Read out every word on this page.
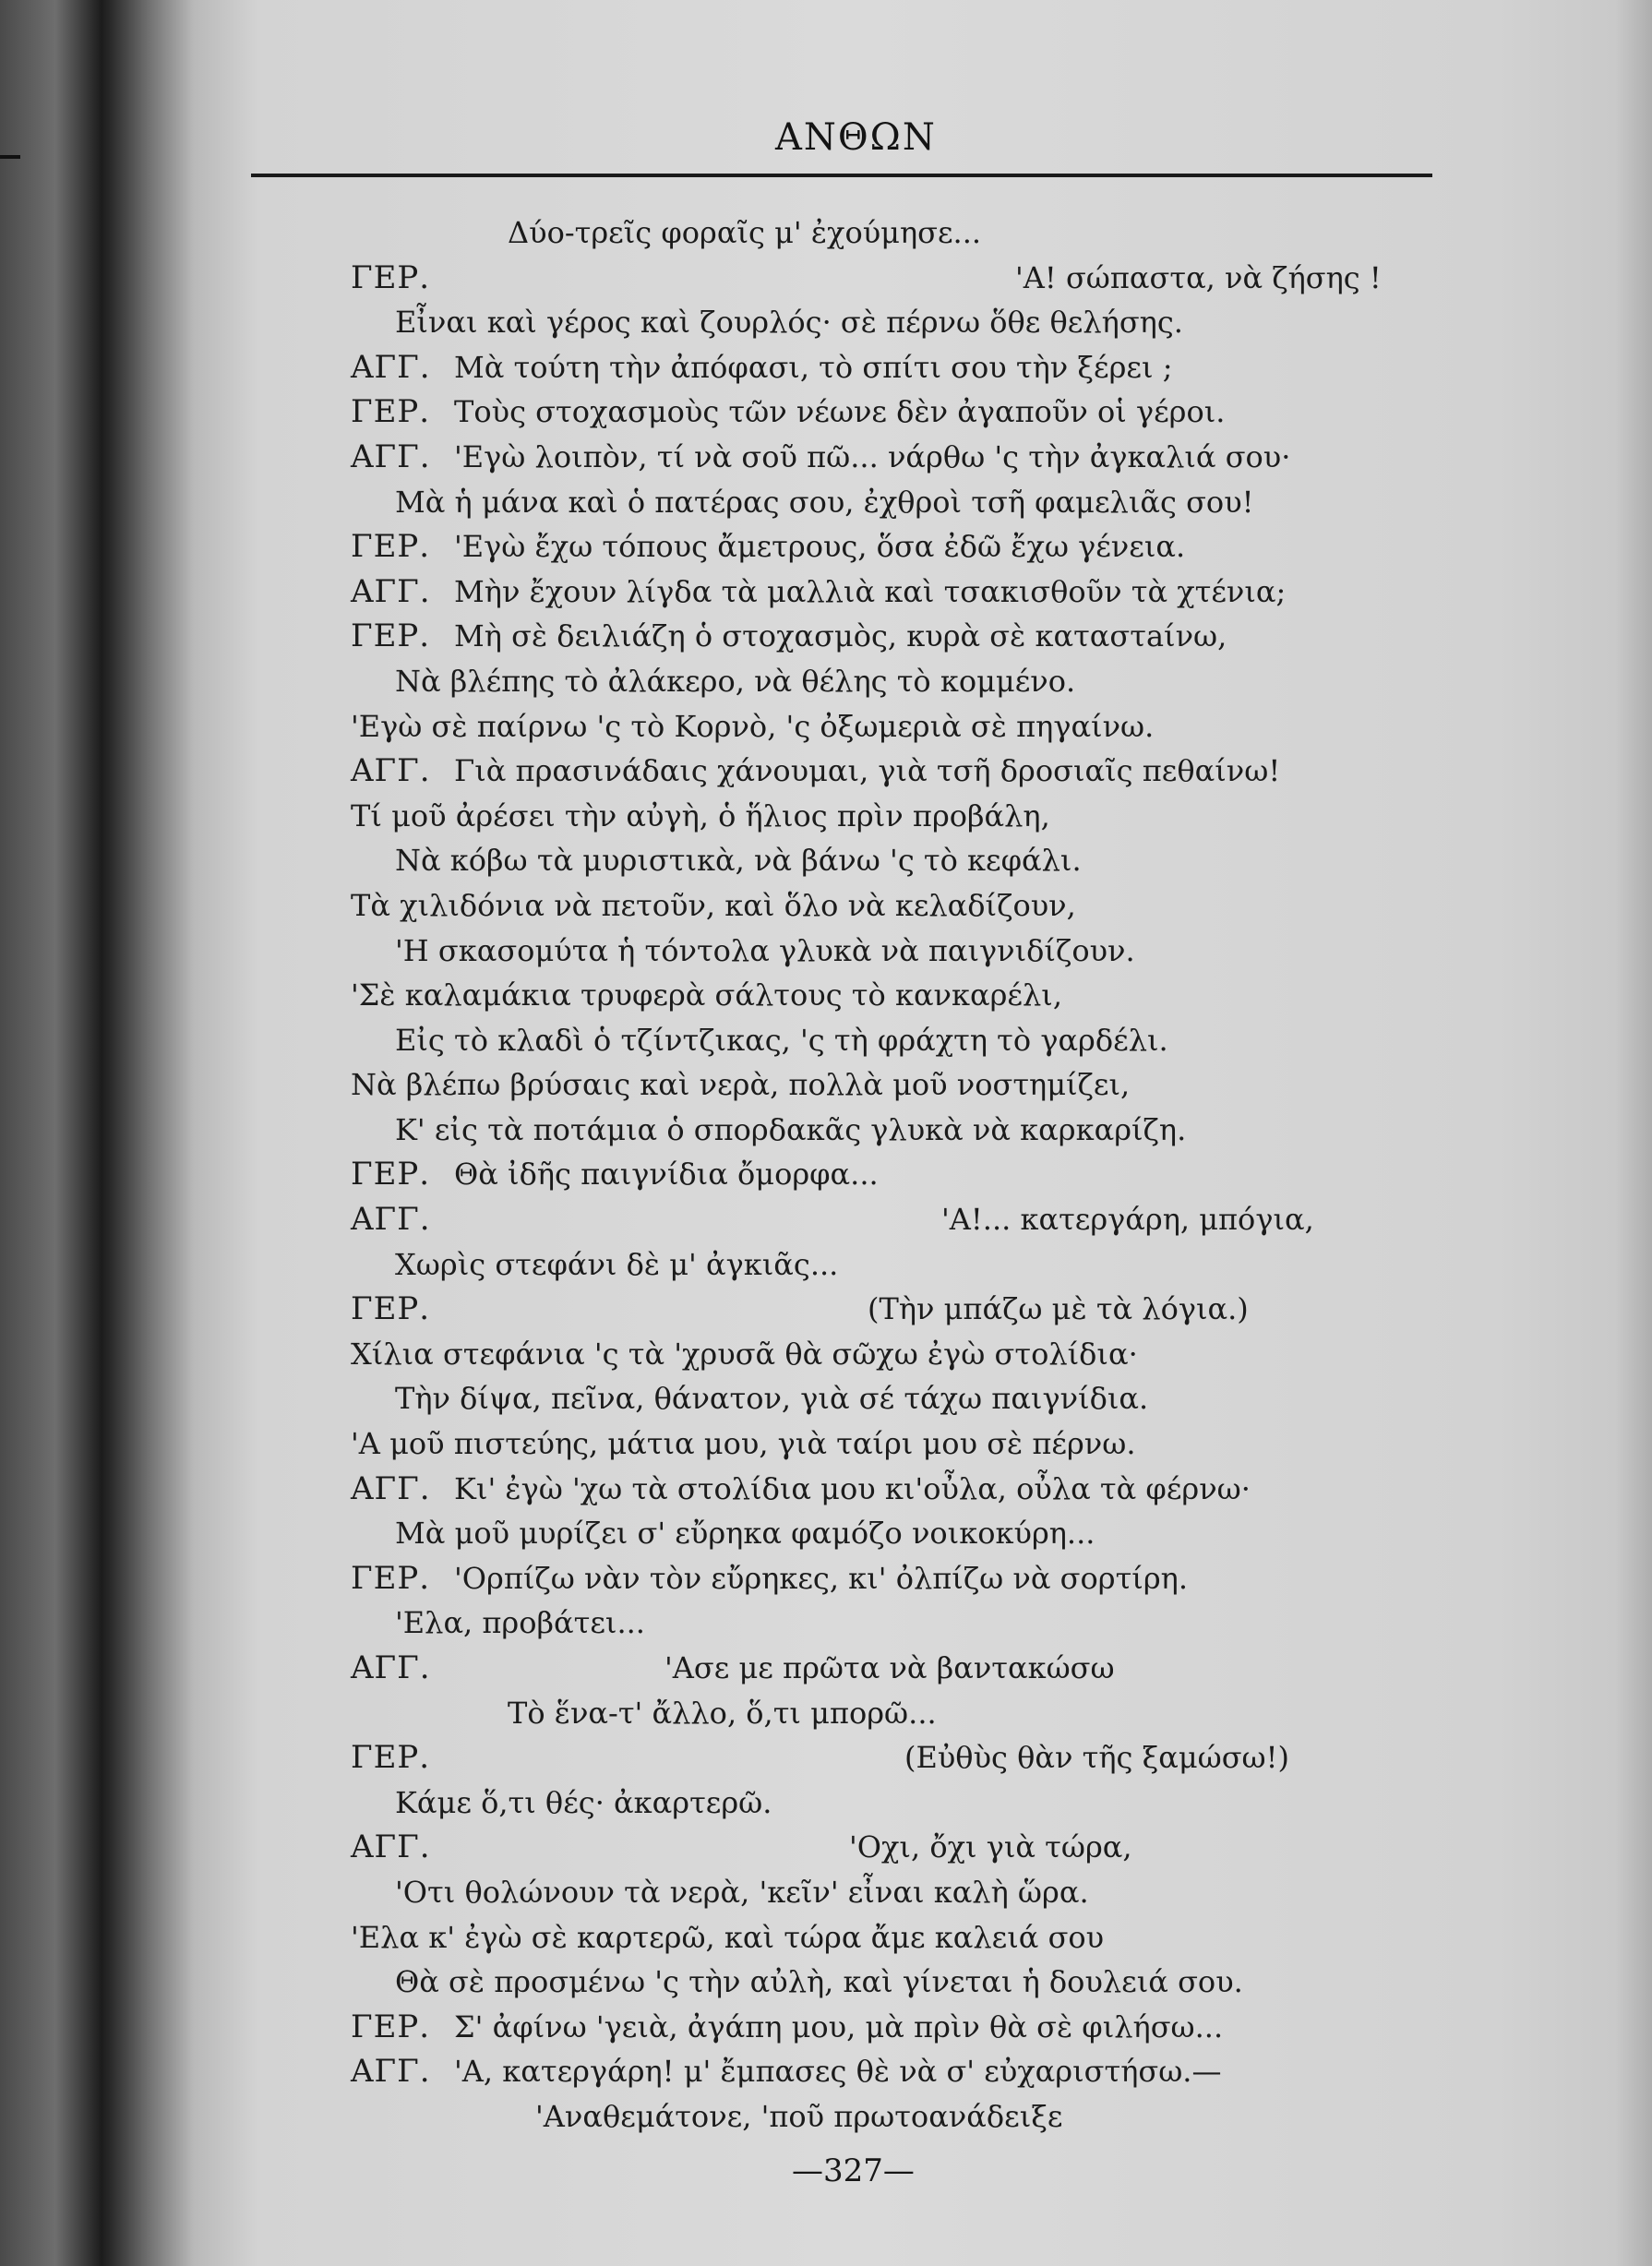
ΑΝΘΩΝ
Δύο-τρεῖς φοραῖς μ' ἐχούμησε...
ΓΕΡ.	'Α! σώπαστα, νὰ ζήσης !
Εἶναι καὶ γέρος καὶ ζουρλός· σὲ πέρνω ὅθε θελήσης.
ΑΓΓ. Μὰ τούτη τὴν ἀπόφασι, τὸ σπίτι σου τὴν ξέρει ;
ΓΕΡ. Τοὺς στοχασμοὺς τῶν νέωνε δὲν ἀγαποῦν οἱ γέροι.
ΑΓΓ. 'Εγὼ λοιπὸν, τί νὰ σοῦ πῶ... νάρθω 'ς τὴν ἀγκαλιά σου·
Μὰ ἡ μάνα καὶ ὁ πατέρας σου, ἐχθροὶ τσῆ φαμελιᾶς σου!
ΓΕΡ. 'Εγὼ ἔχω τόπους ἄμετρους, ὅσα ἐδῶ ἔχω γένεια.
ΑΓΓ. Μὴν ἔχουν λίγδα τὰ μαλλιὰ καὶ τσακισθοῦν τὰ χτένια;
ΓΕΡ. Μὴ σὲ δειλιάζη ὁ στοχασμὸς, κυρὰ σὲ καταστaίνω,
Νὰ βλέπης τὸ ἀλάκερο, νὰ θέλης τὸ κομμένο.
'Εγὼ σὲ παίρνω 'ς τὸ Κορνὸ, 'ς ὀξωμεριὰ σὲ πηγαίνω.
ΑΓΓ. Γιὰ πρασινάδαις χάνουμαι, γιὰ τσῆ δροσιαῖς πεθαίνω!
Τί μοῦ ἀρέσει τὴν αὐγὴ, ὁ ἥλιος πρὶν προβάλη,
Νὰ κόβω τὰ μυριστικὰ, νὰ βάνω 'ς τὸ κεφάλι.
Τὰ χιλιδόνια νὰ πετοῦν, καὶ ὅλο νὰ κελαδίζουν,
'Η σκασομύτα ἡ τόντολα γλυκὰ νὰ παιγνιδίζουν.
'Σὲ καλαμάκια τρυφερὰ σάλτους τὸ κανκαρέλι,
Εἰς τὸ κλαδὶ ὁ τζίντζικας, 'ς τὴ φράχτη τὸ γαρδέλι.
Νὰ βλέπω βρύσαις καὶ νερὰ, πολλὰ μοῦ νοστημίζει,
Κ' εἰς τὰ ποτάμια ὁ σπορδακᾶς γλυκὰ νὰ καρκαρίζη.
ΓΕΡ. Θὰ ἰδῆς παιγνίδια ὄμορφα...
ΑΓΓ.	'Α!... κατεργάρη, μπόγια,
Χωρὶς στεφάνι δὲ μ' ἀγκιᾶς...
ΓΕΡ.	(Τὴν μπάζω μὲ τὰ λόγια.)
Χίλια στεφάνια 'ς τὰ 'χρυσᾶ θὰ σῶχω ἐγὼ στολίδια·
Τὴν δίψα, πεῖνα, θάνατον, γιὰ σέ τάχω παιγνίδια.
'Α μοῦ πιστεύης, μάτια μου, γιὰ ταίρι μου σὲ πέρνω.
ΑΓΓ. Κι' ἐγὼ 'χω τὰ στολίδια μου κι'οὖλα, οὖλα τὰ φέρνω·
Μὰ μοῦ μυρίζει σ' εὔρηκα φαμόζο νοικοκύρη...
ΓΕΡ. 'Ορπίζω νὰν τὸν εὔρηκες, κι' ὀλπίζω νὰ σορτίρη.
'Ελα, προβάτει...
ΑΓΓ.	'Ασε με πρῶτα νὰ βαντακώσω
Τὸ ἕνα-τ' ἄλλο, ὅ,τι μπορῶ...
ΓΕΡ.	(Εὐθὺς θὰν τῆς ξαμώσω!)
Κάμε ὅ,τι θές· ἀκαρτερῶ.
ΑΓΓ.	'Οχι, ὄχι γιὰ τώρα,
'Οτι θολώνουν τὰ νερὰ, 'κεῖν' εἶναι καλὴ ὥρα.
'Ελα κ' ἐγὼ σὲ καρτερῶ, καὶ τώρα ἄμε καλειά σου
Θὰ σὲ προσμένω 'ς τὴν αὐλὴ, καὶ γίνεται ἡ δουλειά σου.
ΓΕΡ. Σ' ἀφίνω 'γειὰ, ἀγάπη μου, μὰ πρὶν θὰ σὲ φιλήσω...
ΑΓΓ. 'Α, κατεργάρη! μ' ἔμπασες θὲ νὰ σ' εὐχαριστήσω.—
'Αναθεμάτονε, 'ποῦ πρωτοανάδειξε
—327—
